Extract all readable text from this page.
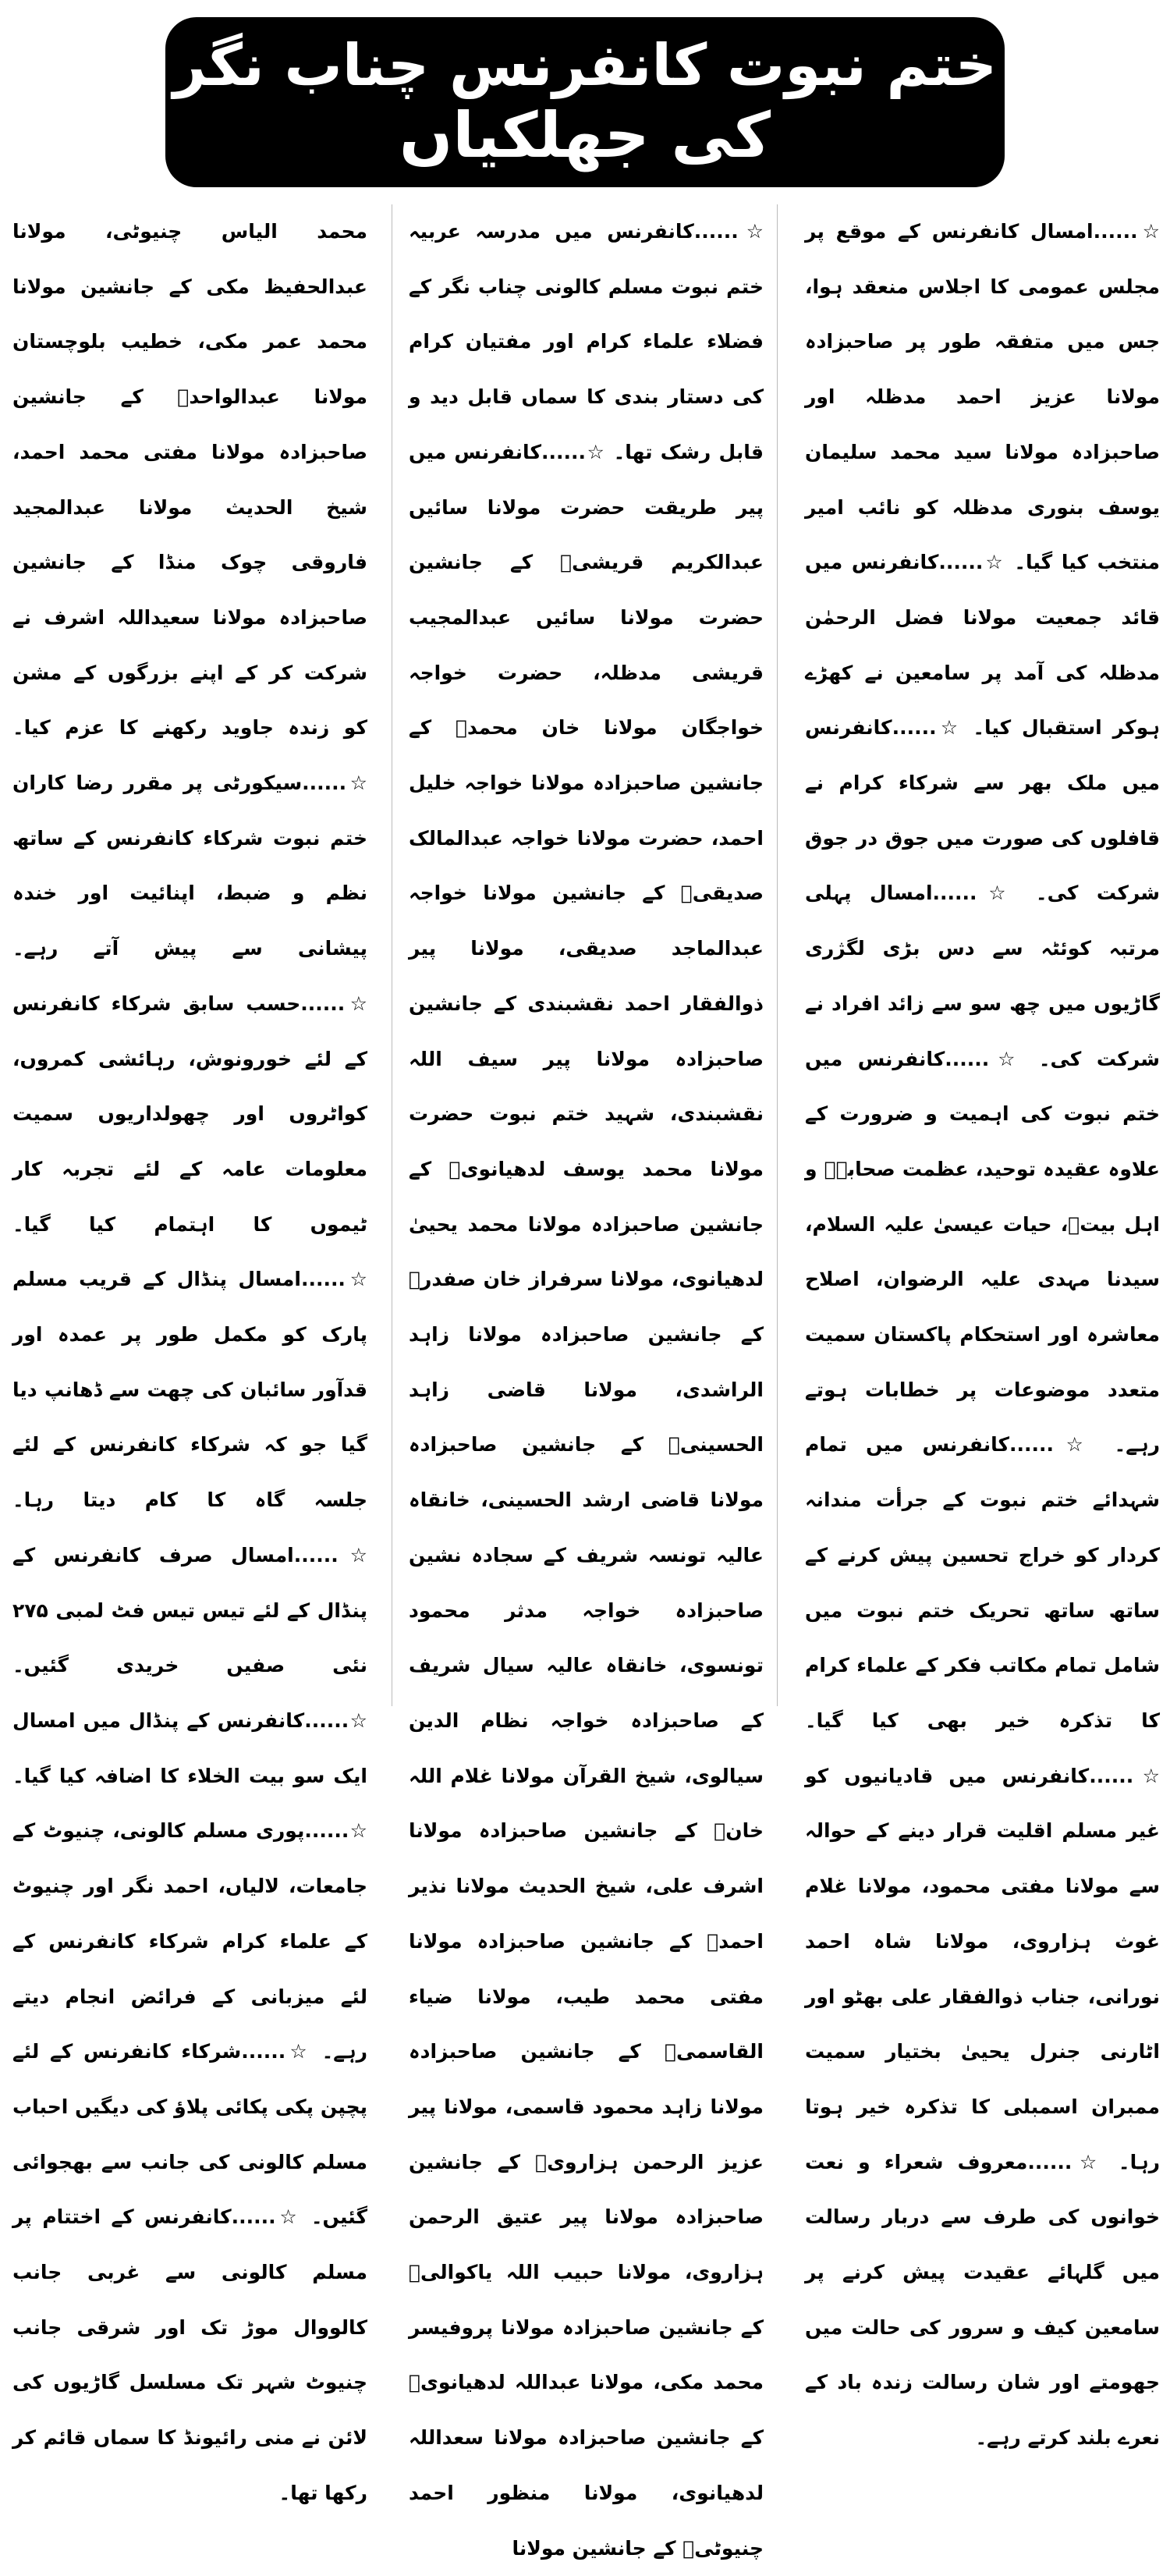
ختم نبوت کانفرنس چناب نگر
کی جھلکیاں

☆......امسال کانفرنس کے موقع پر مجلس عمومی کا اجلاس منعقد ہوا، جس میں متفقہ طور پر صاحبزادہ مولانا عزیز احمد مدظلہ اور صاحبزادہ مولانا سید محمد سلیمان یوسف بنوری مدظلہ کو نائب امیر منتخب کیا گیا۔ ☆......کانفرنس میں قائد جمعیت مولانا فضل الرحمٰن مدظلہ کی آمد پر سامعین نے کھڑے ہوکر استقبال کیا۔ ☆......کانفرنس میں ملک بھر سے شرکاء کرام نے قافلوں کی صورت میں جوق در جوق شرکت کی۔ ☆......امسال پہلی مرتبہ کوئٹہ سے دس بڑی لگژری گاڑیوں میں چھ سو سے زائد افراد نے شرکت کی۔ ☆......کانفرنس میں ختم نبوت کی اہمیت و ضرورت کے علاوہ عقیدہ توحید، عظمت صحابہؓ و اہل بیتؓ، حیات عیسیٰ علیہ السلام، سیدنا مہدی علیہ الرضوان، اصلاح معاشرہ اور استحکام پاکستان سمیت متعدد موضوعات پر خطابات ہوتے رہے۔ ☆......کانفرنس میں تمام شہدائے ختم نبوت کے جرأت مندانہ کردار کو خراج تحسین پیش کرنے کے ساتھ ساتھ تحریک ختم نبوت میں شامل تمام مکاتب فکر کے علماء کرام کا تذکرہ خیر بھی کیا گیا۔ ☆......کانفرنس میں قادیانیوں کو غیر مسلم اقلیت قرار دینے کے حوالہ سے مولانا مفتی محمود، مولانا غلام غوث ہزاروی، مولانا شاہ احمد نورانی، جناب ذوالفقار علی بھٹو اور اٹارنی جنرل یحییٰ بختیار سمیت ممبران اسمبلی کا تذکرہ خیر ہوتا رہا۔ ☆......معروف شعراء و نعت خوانوں کی طرف سے دربار رسالت میں گلہائے عقیدت پیش کرنے پر سامعین کیف و سرور کی حالت میں جھومتے اور شان رسالت زندہ باد کے نعرے بلند کرتے رہے۔

☆......کانفرنس میں مدرسہ عربیہ ختم نبوت مسلم کالونی چناب نگر کے فضلاء علماء کرام اور مفتیان کرام کی دستار بندی کا سماں قابل دید و قابل رشک تھا۔ ☆......کانفرنس میں پیر طریقت حضرت مولانا سائیں عبدالکریم قریشیؒ کے جانشین حضرت مولانا سائیں عبدالمجیب قریشی مدظلہ، حضرت خواجہ خواجگان مولانا خان محمدؒ کے جانشین صاحبزادہ مولانا خواجہ خلیل احمد، حضرت مولانا خواجہ عبدالمالک صدیقیؒ کے جانشین مولانا خواجہ عبدالماجد صدیقی، مولانا پیر ذوالفقار احمد نقشبندی کے جانشین صاحبزادہ مولانا پیر سیف اللہ نقشبندی، شہید ختم نبوت حضرت مولانا محمد یوسف لدھیانویؒ کے جانشین صاحبزادہ مولانا محمد یحییٰ لدھیانوی، مولانا سرفراز خان صفدرؒ کے جانشین صاحبزادہ مولانا زاہد الراشدی، مولانا قاضی زاہد الحسینیؒ کے جانشین صاحبزادہ مولانا قاضی ارشد الحسینی، خانقاہ عالیہ تونسہ شریف کے سجادہ نشین صاحبزادہ خواجہ مدثر محمود تونسوی، خانقاہ عالیہ سیال شریف کے صاحبزادہ خواجہ نظام الدین سیالوی، شیخ القرآن مولانا غلام اللہ خانؒ کے جانشین صاحبزادہ مولانا اشرف علی، شیخ الحدیث مولانا نذیر احمدؒ کے جانشین صاحبزادہ مولانا مفتی محمد طیب، مولانا ضیاء القاسمیؒ کے جانشین صاحبزادہ مولانا زاہد محمود قاسمی، مولانا پیر عزیز الرحمن ہزارویؒ کے جانشین صاحبزادہ مولانا پیر عتیق الرحمن ہزاروی، مولانا حبیب اللہ یاکوالیؒ کے جانشین صاحبزادہ مولانا پروفیسر محمد مکی، مولانا عبداللہ لدھیانویؒ کے جانشین صاحبزادہ مولانا سعداللہ لدھیانوی، مولانا منظور احمد چنیوٹیؒ کے جانشین مولانا

محمد الیاس چنیوٹی، مولانا عبدالحفیظ مکی کے جانشین مولانا محمد عمر مکی، خطیب بلوچستان مولانا عبدالواحدؒ کے جانشین صاحبزادہ مولانا مفتی محمد احمد، شیخ الحدیث مولانا عبدالمجید فاروقی چوک منڈا کے جانشین صاحبزادہ مولانا سعیداللہ اشرف نے شرکت کر کے اپنے بزرگوں کے مشن کو زندہ جاوید رکھنے کا عزم کیا۔ ☆......سیکورٹی پر مقرر رضا کاران ختم نبوت شرکاء کانفرنس کے ساتھ نظم و ضبط، اپنائیت اور خندہ پیشانی سے پیش آتے رہے۔ ☆......حسب سابق شرکاء کانفرنس کے لئے خورونوش، رہائشی کمروں، کواٹروں اور چھولداریوں سمیت معلومات عامہ کے لئے تجربہ کار ٹیموں کا اہتمام کیا گیا۔ ☆......امسال پنڈال کے قریب مسلم پارک کو مکمل طور پر عمدہ اور قدآور سائبان کی چھت سے ڈھانپ دیا گیا جو کہ شرکاء کانفرنس کے لئے جلسہ گاہ کا کام دیتا رہا۔ ☆......امسال صرف کانفرنس کے پنڈال کے لئے تیس تیس فٹ لمبی ۲۷۵ نئی صفیں خریدی گئیں۔ ☆......کانفرنس کے پنڈال میں امسال ایک سو بیت الخلاء کا اضافہ کیا گیا۔ ☆......پوری مسلم کالونی، چنیوٹ کے جامعات، لالیاں، احمد نگر اور چنیوٹ کے علماء کرام شرکاء کانفرنس کے لئے میزبانی کے فرائض انجام دیتے رہے۔ ☆......شرکاء کانفرنس کے لئے پچپن پکی پکائی پلاؤ کی دیگیں احباب مسلم کالونی کی جانب سے بھجوائی گئیں۔ ☆......کانفرنس کے اختتام پر مسلم کالونی سے غربی جانب کالووال موڑ تک اور شرقی جانب چنیوٹ شہر تک مسلسل گاڑیوں کی لائن نے منی رائیونڈ کا سماں قائم کر رکھا تھا۔
